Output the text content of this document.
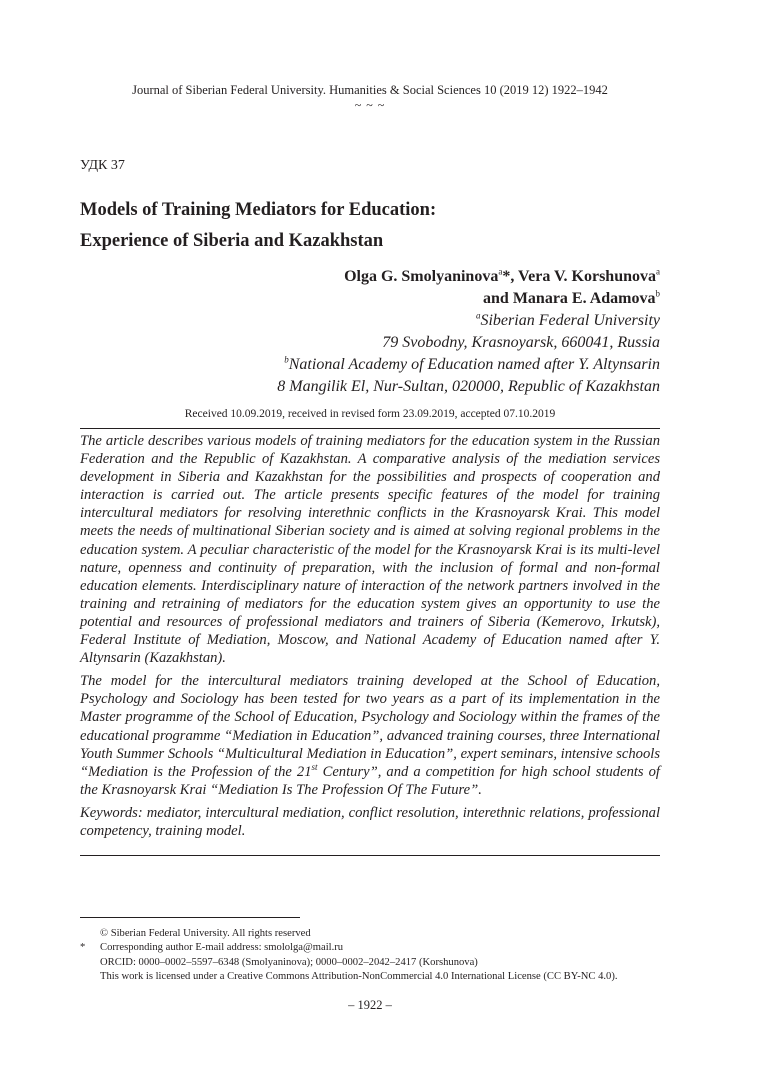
Journal of Siberian Federal University. Humanities & Social Sciences 10 (2019 12) 1922–1942
~ ~ ~
УДК 37
Models of Training Mediators for Education:
Experience of Siberia and Kazakhstan
Olga G. Smolyaninova$^a$*, Vera V. Korshunova$^a$
and Manara E. Adamova$^b$
$^a$Siberian Federal University
79 Svobodny, Krasnoyarsk, 660041, Russia
$^b$National Academy of Education named after Y. Altynsarin
8 Mangilik El, Nur-Sultan, 020000, Republic of Kazakhstan
Received 10.09.2019, received in revised form 23.09.2019, accepted 07.10.2019

The article describes various models of training mediators for the education system in the Russian Federation and the Republic of Kazakhstan. A comparative analysis of the mediation services development in Siberia and Kazakhstan for the possibilities and prospects of cooperation and interaction is carried out. The article presents specific features of the model for training intercultural mediators for resolving interethnic conflicts in the Krasnoyarsk Krai. This model meets the needs of multinational Siberian society and is aimed at solving regional problems in the education system. A peculiar characteristic of the model for the Krasnoyarsk Krai is its multi-level nature, openness and continuity of preparation, with the inclusion of formal and non-formal education elements. Interdisciplinary nature of interaction of the network partners involved in the training and retraining of mediators for the education system gives an opportunity to use the potential and resources of professional mediators and trainers of Siberia (Kemerovo, Irkutsk), Federal Institute of Mediation, Moscow, and National Academy of Education named after Y. Altynsarin (Kazakhstan).

The model for the intercultural mediators training developed at the School of Education, Psychology and Sociology has been tested for two years as a part of its implementation in the Master programme of the School of Education, Psychology and Sociology within the frames of the educational programme “Mediation in Education”, advanced training courses, three International Youth Summer Schools “Multicultural Mediation in Education”, expert seminars, intensive schools “Mediation is the Profession of the 21st Century”, and a competition for high school students of the Krasnoyarsk Krai “Mediation Is The Profession Of The Future”.

Keywords: mediator, intercultural mediation, conflict resolution, interethnic relations, professional competency, training model.

© Siberian Federal University. All rights reserved
* Corresponding author E-mail address: smololga@mail.ru
ORCID: 0000–0002–5597–6348 (Smolyaninova); 0000–0002–2042–2417 (Korshunova)
This work is licensed under a Creative Commons Attribution-NonCommercial 4.0 International License (CC BY-NC 4.0).
– 1922 –
